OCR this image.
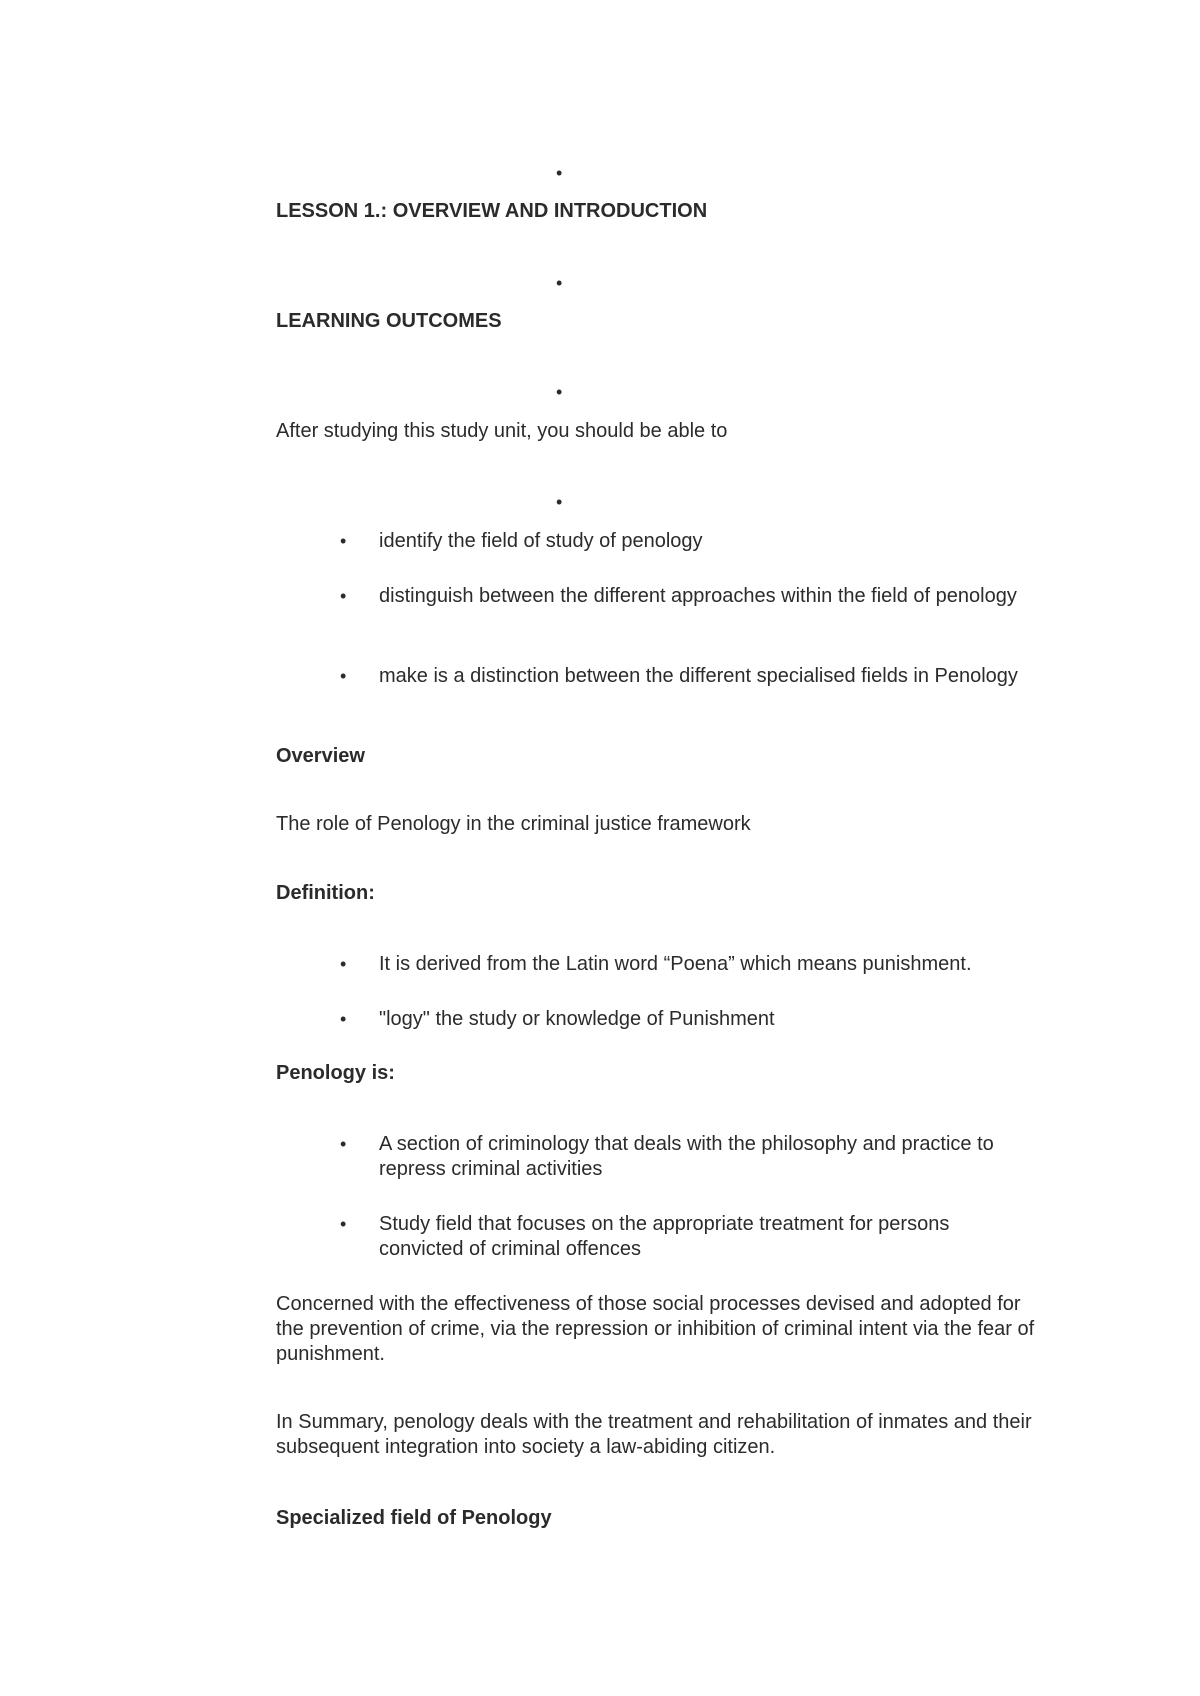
•
LESSON 1.: OVERVIEW AND INTRODUCTION
•
LEARNING OUTCOMES
•
After studying this study unit, you should be able to
•
• identify the field of study of penology
• distinguish between the different approaches within the field of penology
• make is a distinction between the different specialised fields in Penology
Overview
The role of Penology in the criminal justice framework
Definition:
• It is derived from the Latin word “Poena” which means punishment.
• "logy" the study or knowledge of Punishment
Penology is:
• A section of criminology that deals with the philosophy and practice to repress criminal activities
• Study field that focuses on the appropriate treatment for persons convicted of criminal offences
Concerned with the effectiveness of those social processes devised and adopted for the prevention of crime, via the repression or inhibition of criminal intent via the fear of punishment.
In Summary, penology deals with the treatment and rehabilitation of inmates and their subsequent integration into society a law-abiding citizen.
Specialized field of Penology
